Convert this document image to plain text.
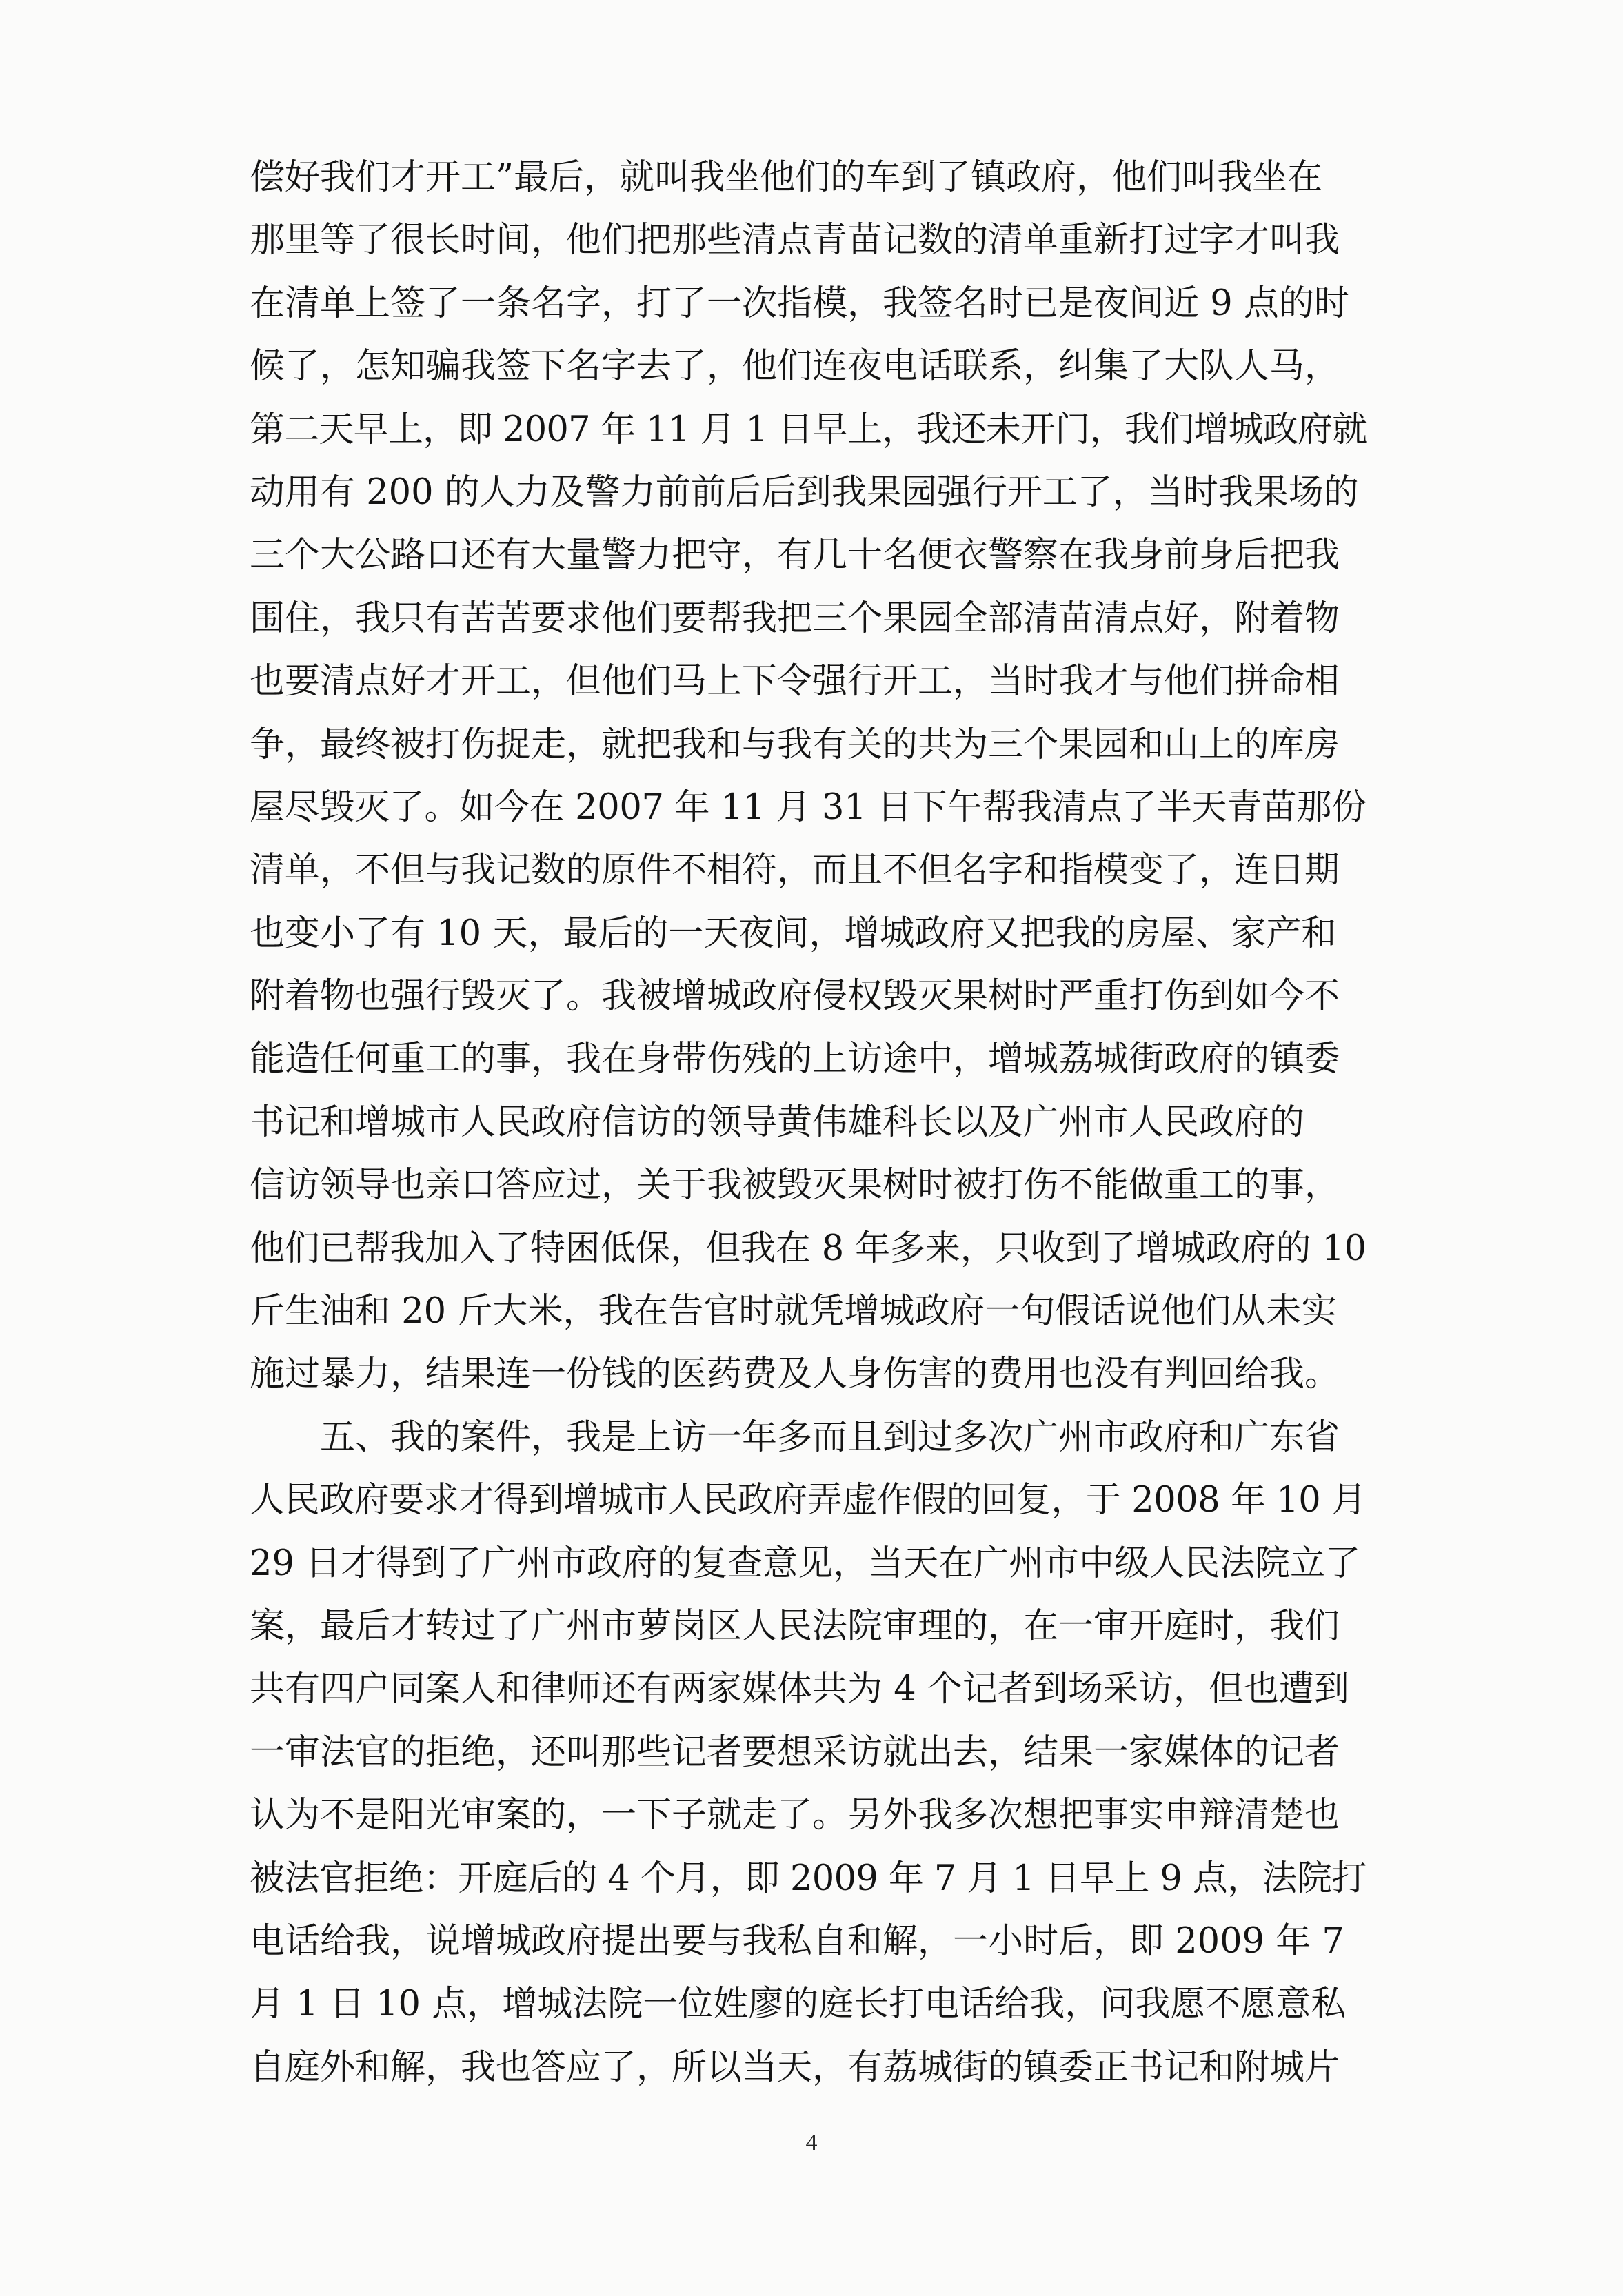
偿好我们才开工”最后，就叫我坐他们的车到了镇政府，他们叫我坐在
那里等了很长时间，他们把那些清点青苗记数的清单重新打过字才叫我
在清单上签了一条名字，打了一次指模，我签名时已是夜间近 9 点的时
候了，怎知骗我签下名字去了，他们连夜电话联系，纠集了大队人马，
第二天早上，即 2007 年 11 月 1 日早上，我还未开门，我们增城政府就
动用有 200 的人力及警力前前后后到我果园强行开工了，当时我果场的
三个大公路口还有大量警力把守，有几十名便衣警察在我身前身后把我
围住，我只有苦苦要求他们要帮我把三个果园全部清苗清点好，附着物
也要清点好才开工，但他们马上下令强行开工，当时我才与他们拼命相
争，最终被打伤捉走，就把我和与我有关的共为三个果园和山上的库房
屋尽毁灭了。如今在 2007 年 11 月 31 日下午帮我清点了半天青苗那份
清单，不但与我记数的原件不相符，而且不但名字和指模变了，连日期
也变小了有 10 天，最后的一天夜间，增城政府又把我的房屋、家产和
附着物也强行毁灭了。我被增城政府侵权毁灭果树时严重打伤到如今不
能造任何重工的事，我在身带伤残的上访途中，增城荔城街政府的镇委
书记和增城市人民政府信访的领导黄伟雄科长以及广州市人民政府的
信访领导也亲口答应过，关于我被毁灭果树时被打伤不能做重工的事，
他们已帮我加入了特困低保，但我在 8 年多来，只收到了增城政府的 10
斤生油和 20 斤大米，我在告官时就凭增城政府一句假话说他们从未实
施过暴力，结果连一份钱的医药费及人身伤害的费用也没有判回给我。
　　五、我的案件，我是上访一年多而且到过多次广州市政府和广东省
人民政府要求才得到增城市人民政府弄虚作假的回复，于 2008 年 10 月
29 日才得到了广州市政府的复查意见，当天在广州市中级人民法院立了
案，最后才转过了广州市萝岗区人民法院审理的，在一审开庭时，我们
共有四户同案人和律师还有两家媒体共为 4 个记者到场采访，但也遭到
一审法官的拒绝，还叫那些记者要想采访就出去，结果一家媒体的记者
认为不是阳光审案的，一下子就走了。另外我多次想把事实申辩清楚也
被法官拒绝：开庭后的 4 个月，即 2009 年 7 月 1 日早上 9 点，法院打
电话给我，说增城政府提出要与我私自和解，一小时后，即 2009 年 7
月 1 日 10 点，增城法院一位姓廖的庭长打电话给我，问我愿不愿意私
自庭外和解，我也答应了，所以当天，有荔城街的镇委正书记和附城片
4
